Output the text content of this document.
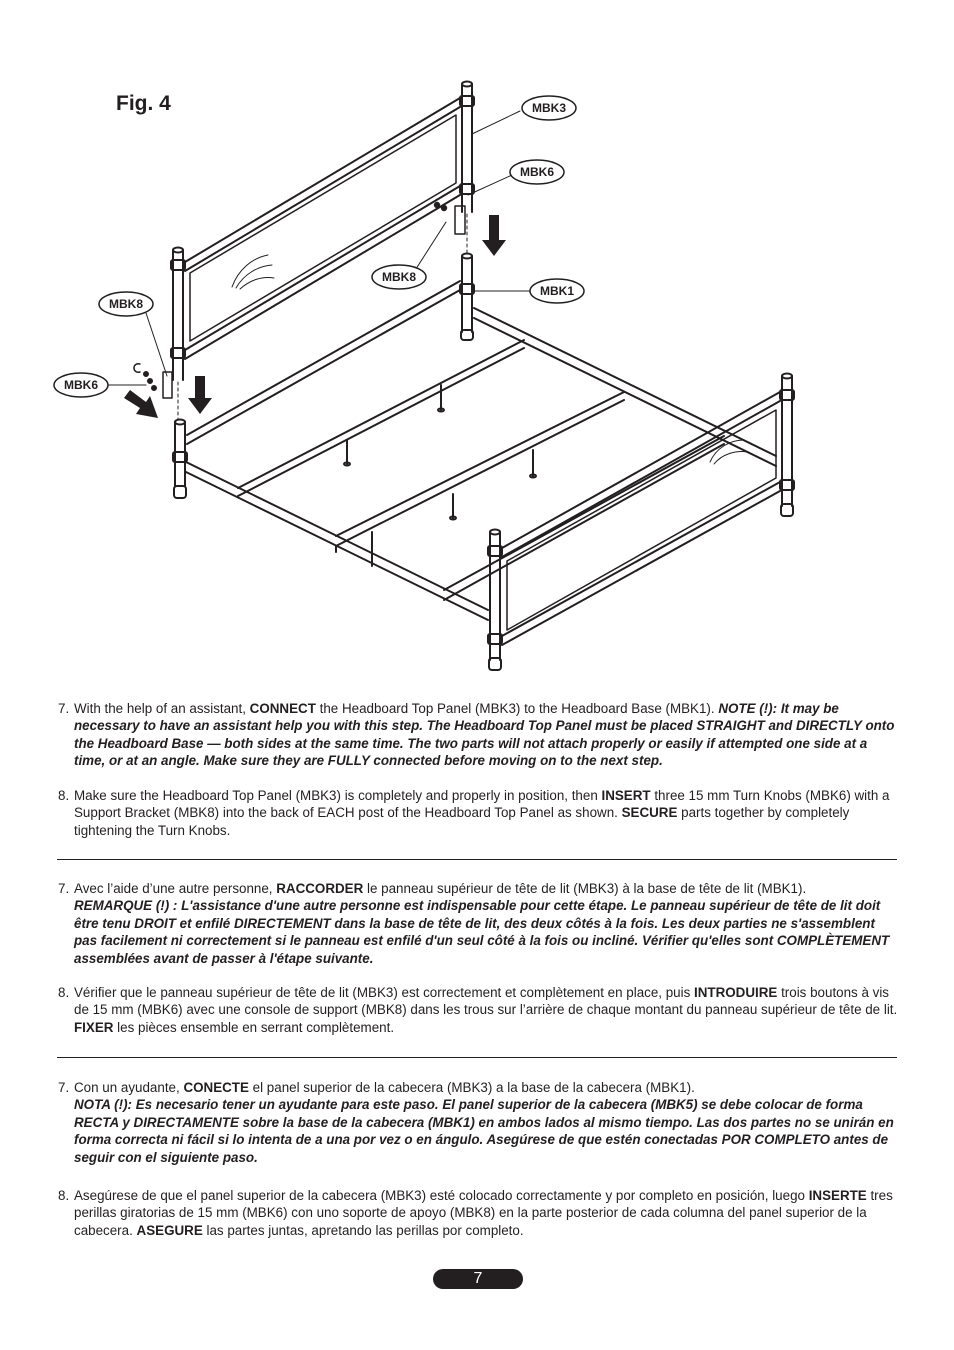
Fig. 4	MBK3
MBK6
MBK8
MBK1
MBK8
MBK6
7. With the help of an assistant, CONNECT the Headboard Top Panel (MBK3) to the Headboard Base (MBK1). NOTE (!): It may be necessary to have an assistant help you with this step. The Headboard Top Panel must be placed STRAIGHT and DIRECTLY onto the Headboard Base — both sides at the same time. The two parts will not attach properly or easily if attempted one side at a time, or at an angle. Make sure they are FULLY connected before moving on to the next step.
8. Make sure the Headboard Top Panel (MBK3) is completely and properly in position, then INSERT three 15 mm Turn Knobs (MBK6) with a Support Bracket (MBK8) into the back of EACH post of the Headboard Top Panel as shown. SECURE parts together by completely tightening the Turn Knobs.
7. Avec l’aide d’une autre personne, RACCORDER le panneau supérieur de tête de lit (MBK3) à la base de tête de lit (MBK1).
REMARQUE (!) : L'assistance d'une autre personne est indispensable pour cette étape. Le panneau supérieur de tête de lit doit être tenu DROIT et enfilé DIRECTEMENT dans la base de tête de lit, des deux côtés à la fois. Les deux parties ne s'assemblent pas facilement ni correctement si le panneau est enfilé d'un seul côté à la fois ou incliné. Vérifier qu'elles sont COMPLÈTEMENT assemblées avant de passer à l'étape suivante.
8. Vérifier que le panneau supérieur de tête de lit (MBK3) est correctement et complètement en place, puis INTRODUIRE trois boutons à vis de 15 mm (MBK6) avec une console de support (MBK8) dans les trous sur l’arrière de chaque montant du panneau supérieur de tête de lit. FIXER les pièces ensemble en serrant complètement.
7. Con un ayudante, CONECTE el panel superior de la cabecera (MBK3) a la base de la cabecera (MBK1).
NOTA (!): Es necesario tener un ayudante para este paso. El panel superior de la cabecera (MBK5) se debe colocar de forma RECTA y DIRECTAMENTE sobre la base de la cabecera (MBK1) en ambos lados al mismo tiempo. Las dos partes no se unirán en forma correcta ni fácil si lo intenta de a una por vez o en ángulo. Asegúrese de que estén conectadas POR COMPLETO antes de seguir con el siguiente paso.
8. Asegúrese de que el panel superior de la cabecera (MBK3) esté colocado correctamente y por completo en posición, luego INSERTE tres perillas giratorias de 15 mm (MBK6) con uno soporte de apoyo (MBK8) en la parte posterior de cada columna del panel superior de la cabecera. ASEGURE las partes juntas, apretando las perillas por completo.
7
